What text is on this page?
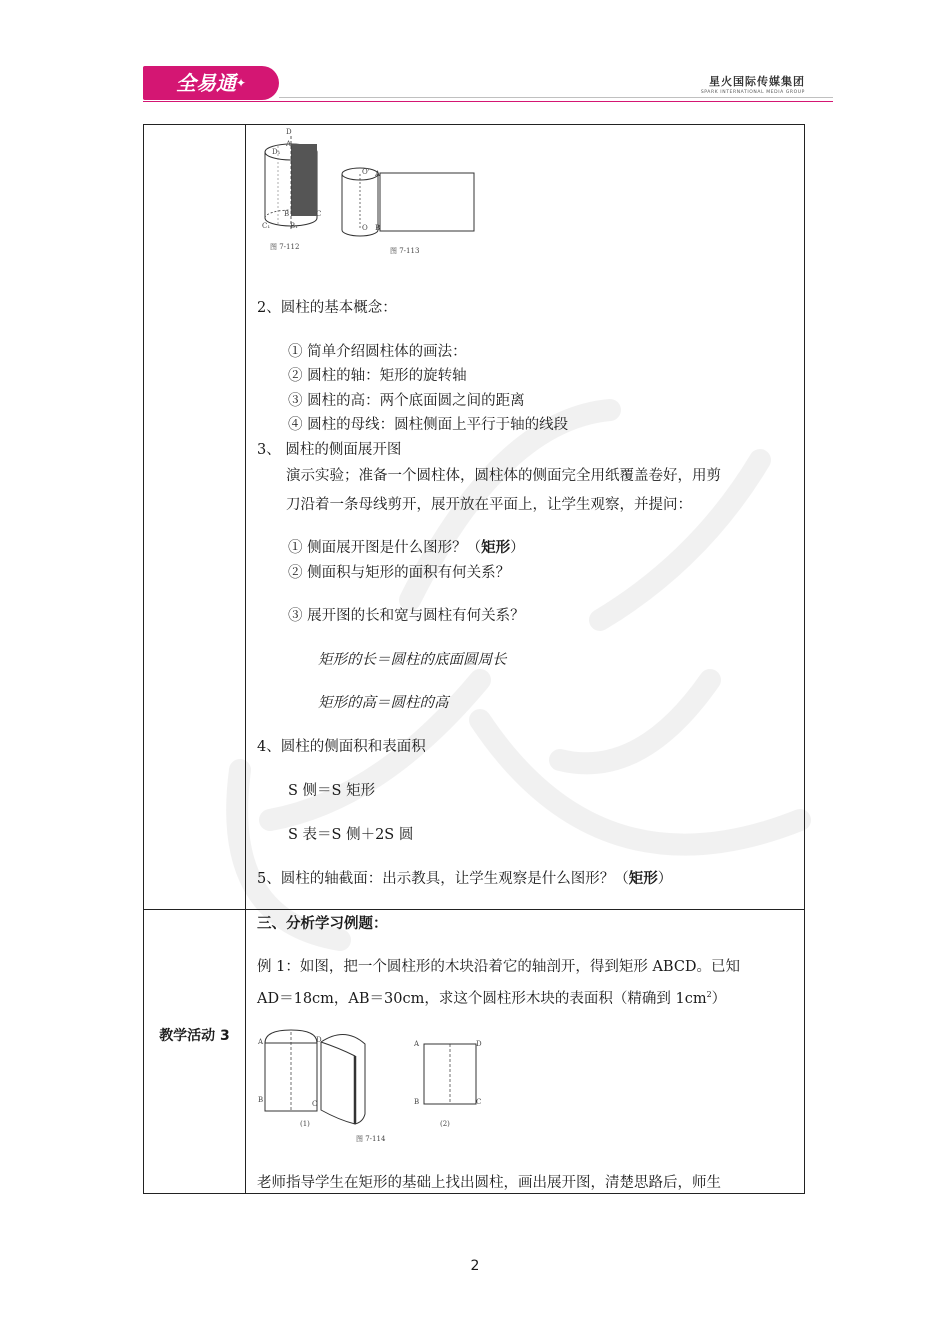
全易通✦	星火国际传媒集团
SPARK INTERNATIONAL MEDIA GROUP
教学活动 3
D
D₁
A
B	C
C₁	B₁
图 7-112
O'
O
A
B
图 7-113
2、圆柱的基本概念：
① 简单介绍圆柱体的画法：
② 圆柱的轴：矩形的旋转轴
③ 圆柱的高：两个底面圆之间的距离
④ 圆柱的母线：圆柱侧面上平行于轴的线段
3、 圆柱的侧面展开图
演示实验；准备一个圆柱体，圆柱体的侧面完全用纸覆盖卷好，用剪
刀沿着一条母线剪开，展开放在平面上，让学生观察，并提问：
① 侧面展开图是什么图形？（矩形）
② 侧面积与矩形的面积有何关系？
③ 展开图的长和宽与圆柱有何关系？
矩形的长＝圆柱的底面圆周长
矩形的高＝圆柱的高
4、圆柱的侧面积和表面积
S 侧＝S 矩形
S 表＝S 侧＋2S 圆
5、圆柱的轴截面：出示教具，让学生观察是什么图形？（矩形）
三、分析学习例题：
例 1：如图，把一个圆柱形的木块沿着它的轴剖开，得到矩形 ABCD。已知
AD＝18cm，AB＝30cm，求这个圆柱形木块的表面积（精确到 $1cm^2$）
A	D
B	C
(1)
图 7-114
A	D
B	C
(2)
老师指导学生在矩形的基础上找出圆柱，画出展开图，清楚思路后，师生
2
